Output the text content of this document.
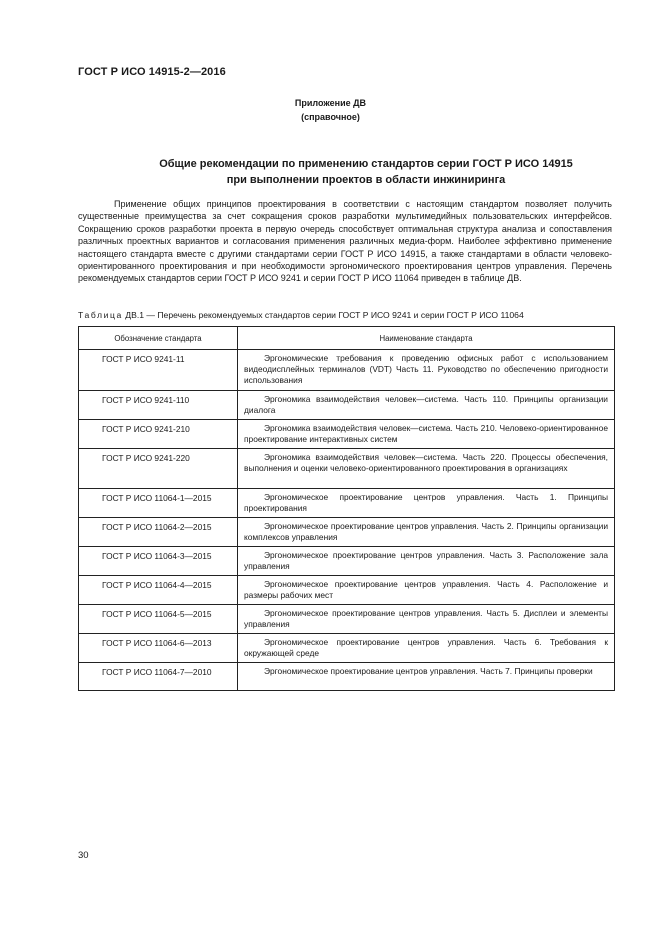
ГОСТ Р ИСО 14915-2—2016
Приложение ДВ
(справочное)
Общие рекомендации по применению стандартов серии ГОСТ Р ИСО 14915
при выполнении проектов в области инжиниринга

Применение общих принципов проектирования в соответствии с настоящим стандартом позволяет получить существенные преимущества за счет сокращения сроков разработки мультимедийных пользовательских интерфейсов. Сокращению сроков разработки проекта в первую очередь способствует оптимальная структура анализа и сопоставления различных проектных вариантов и согласования применения различных медиа-форм. Наиболее эффективно применение настоящего стандарта вместе с другими стандартами серии ГОСТ Р ИСО 14915, а также стандартами в области человеко-ориентированного проектирования и при необходимости эргономического проектирования центров управления. Перечень рекомендуемых стандартов серии ГОСТ Р ИСО 9241 и серии ГОСТ Р ИСО 11064 приведен в таблице ДВ.

Таблица ДВ.1 — Перечень рекомендуемых стандартов серии ГОСТ Р ИСО 9241 и серии ГОСТ Р ИСО 11064
Обозначение стандарта	Наименование стандарта
ГОСТ Р ИСО 9241-11	Эргономические требования к проведению офисных работ с использованием видеодисплейных терминалов (VDT) Часть 11. Руководство по обеспечению пригодности использования

ГОСТ Р ИСО 9241-110	Эргономика взаимодействия человек—система. Часть 110. Принципы организации диалога

ГОСТ Р ИСО 9241-210	Эргономика взаимодействия человек—система. Часть 210. Человеко-ориентированное проектирование интерактивных систем

ГОСТ Р ИСО 9241-220	Эргономика взаимодействия человек—система. Часть 220. Процессы обеспечения, выполнения и оценки человеко-ориентированного проектирования в организациях

ГОСТ Р ИСО 11064-1—2015	Эргономическое проектирование центров управления. Часть 1. Принципы проектирования

ГОСТ Р ИСО 11064-2—2015	Эргономическое проектирование центров управления. Часть 2. Принципы организации комплексов управления

ГОСТ Р ИСО 11064-3—2015	Эргономическое проектирование центров управления. Часть 3. Расположение зала управления

ГОСТ Р ИСО 11064-4—2015	Эргономическое проектирование центров управления. Часть 4. Расположение и размеры рабочих мест

ГОСТ Р ИСО 11064-5—2015	Эргономическое проектирование центров управления. Часть 5. Дисплеи и элементы управления

ГОСТ Р ИСО 11064-6—2013	Эргономическое проектирование центров управления. Часть 6. Требования к окружающей среде

ГОСТ Р ИСО 11064-7—2010	Эргономическое проектирование центров управления. Часть 7. Принципы проверки
30
